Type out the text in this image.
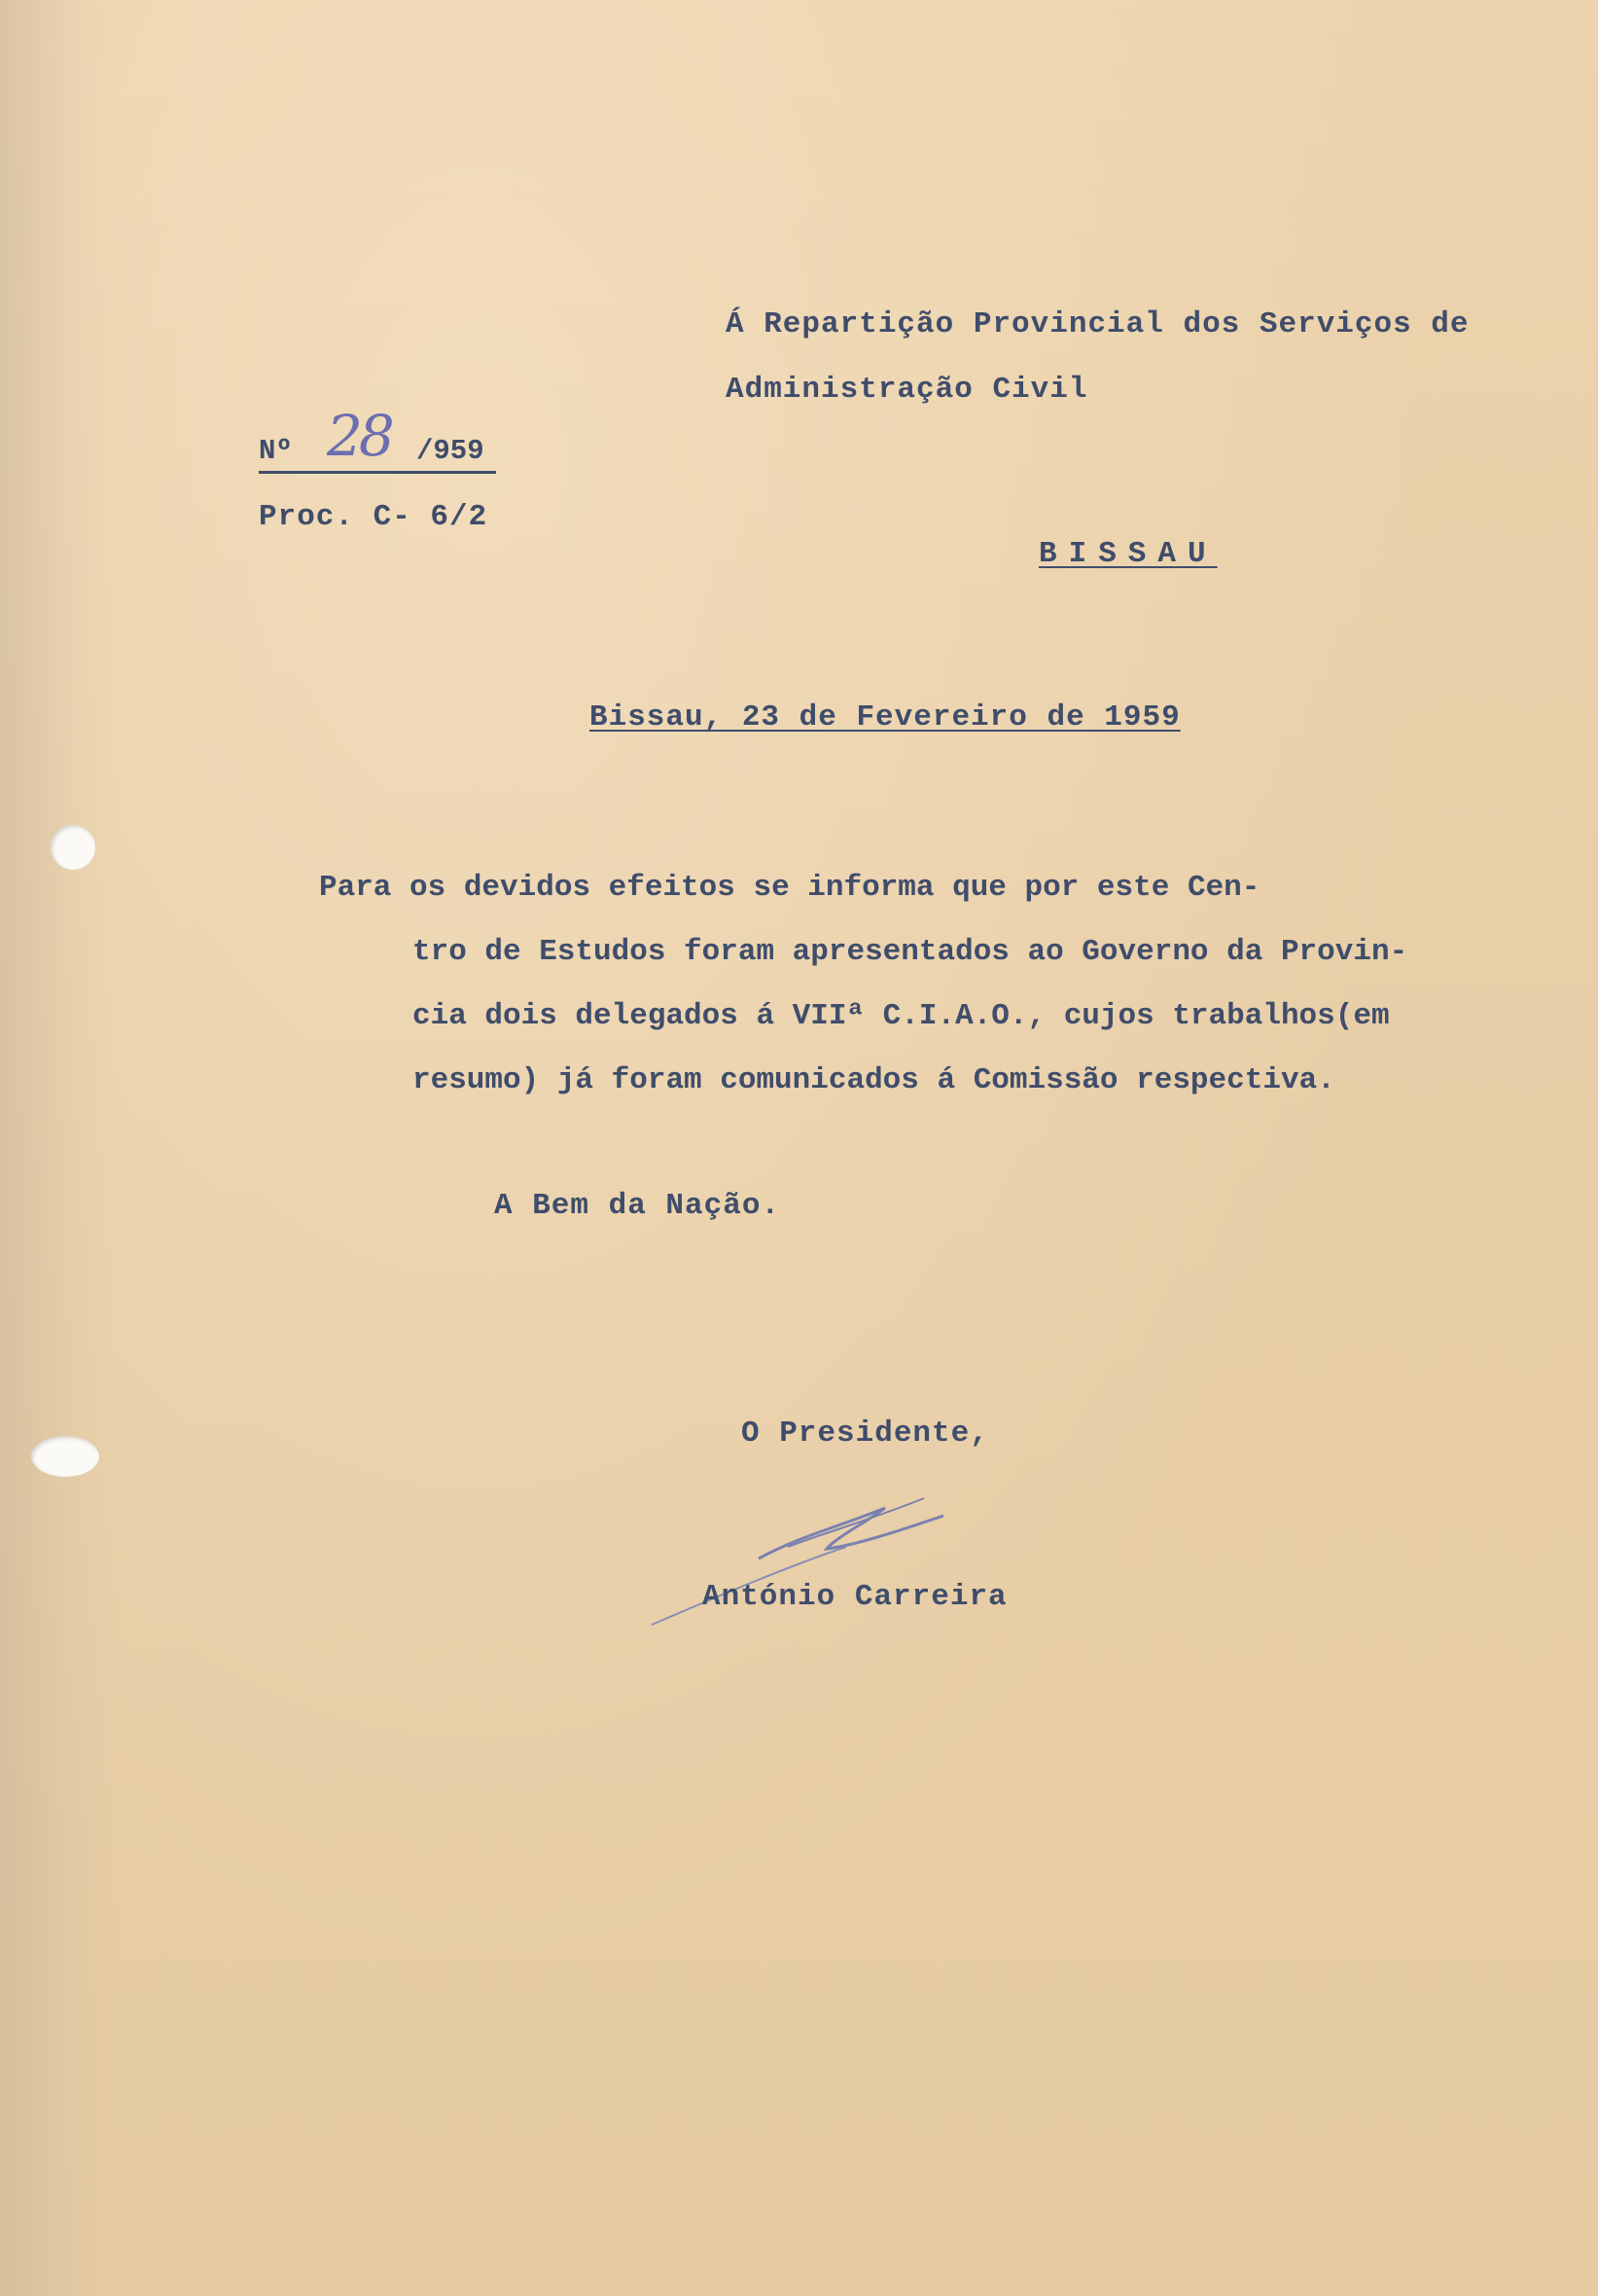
Á Repartição Provincial dos Serviços de
Administração Civil
Nº 28 /959
Proc. C- 6/2
BISSAU
Bissau, 23 de Fevereiro de 1959
Para os devidos efeitos se informa que por este Cen-
tro de Estudos foram apresentados ao Governo da Provin-
cia dois delegados á VIIª C.I.A.O., cujos trabalhos(em
resumo) já foram comunicados á Comissão respectiva.
A Bem da Nação.
O Presidente,
António Carreira
